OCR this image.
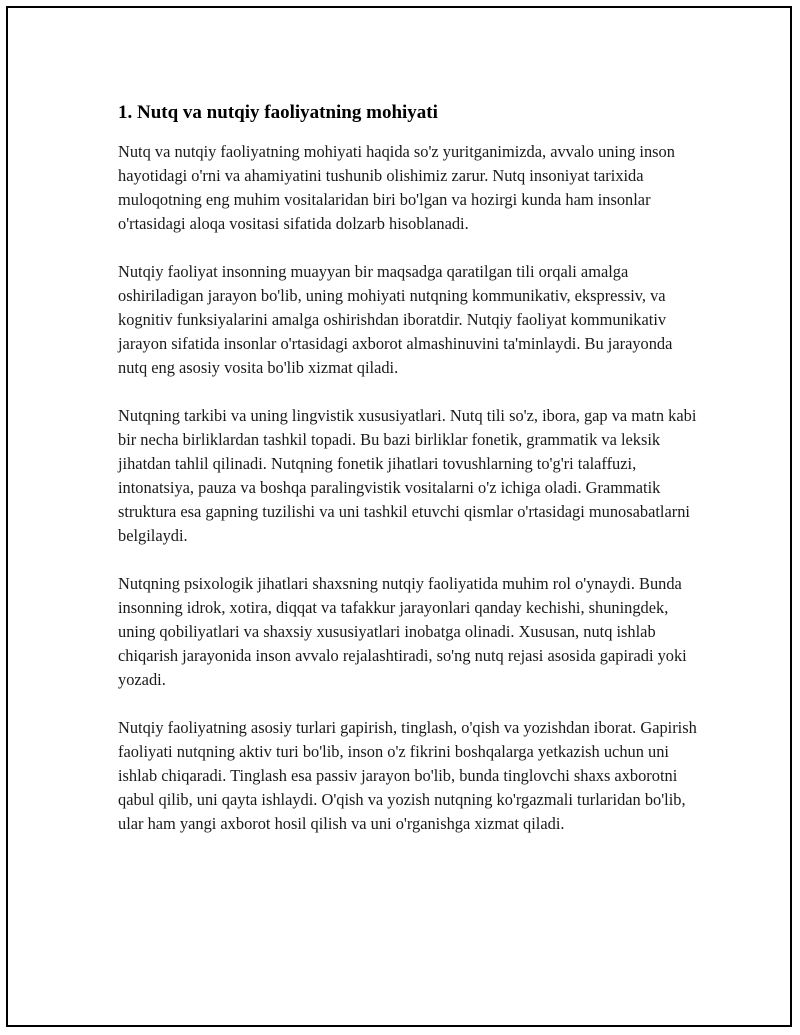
1. Nutq va nutqiy faoliyatning mohiyati

Nutq va nutqiy faoliyatning mohiyati haqida so'z yuritganimizda, avvalo uning inson hayotidagi o'rni va ahamiyatini tushunib olishimiz zarur. Nutq insoniyat tarixida muloqotning eng muhim vositalaridan biri bo'lgan va hozirgi kunda ham insonlar o'rtasidagi aloqa vositasi sifatida dolzarb hisoblanadi.

Nutqiy faoliyat insonning muayyan bir maqsadga qaratilgan tili orqali amalga oshiriladigan jarayon bo'lib, uning mohiyati nutqning kommunikativ, ekspressiv, va kognitiv funksiyalarini amalga oshirishdan iboratdir. Nutqiy faoliyat kommunikativ jarayon sifatida insonlar o'rtasidagi axborot almashinuvini ta'minlaydi. Bu jarayonda nutq eng asosiy vosita bo'lib xizmat qiladi.

Nutqning tarkibi va uning lingvistik xususiyatlari. Nutq tili so'z, ibora, gap va matn kabi bir necha birliklardan tashkil topadi. Bu bazi birliklar fonetik, grammatik va leksik jihatdan tahlil qilinadi. Nutqning fonetik jihatlari tovushlarning to'g'ri talaffuzi, intonatsiya, pauza va boshqa paralingvistik vositalarni o'z ichiga oladi. Grammatik struktura esa gapning tuzilishi va uni tashkil etuvchi qismlar o'rtasidagi munosabatlarni belgilaydi.

Nutqning psixologik jihatlari shaxsning nutqiy faoliyatida muhim rol o'ynaydi. Bunda insonning idrok, xotira, diqqat va tafakkur jarayonlari qanday kechishi, shuningdek, uning qobiliyatlari va shaxsiy xususiyatlari inobatga olinadi. Xususan, nutq ishlab chiqarish jarayonida inson avvalo rejalashtiradi, so'ng nutq rejasi asosida gapiradi yoki yozadi.

Nutqiy faoliyatning asosiy turlari gapirish, tinglash, o'qish va yozishdan iborat. Gapirish faoliyati nutqning aktiv turi bo'lib, inson o'z fikrini boshqalarga yetkazish uchun uni ishlab chiqaradi. Tinglash esa passiv jarayon bo'lib, bunda tinglovchi shaxs axborotni qabul qilib, uni qayta ishlaydi. O'qish va yozish nutqning ko'rgazmali turlaridan bo'lib, ular ham yangi axborot hosil qilish va uni o'rganishga xizmat qiladi.
